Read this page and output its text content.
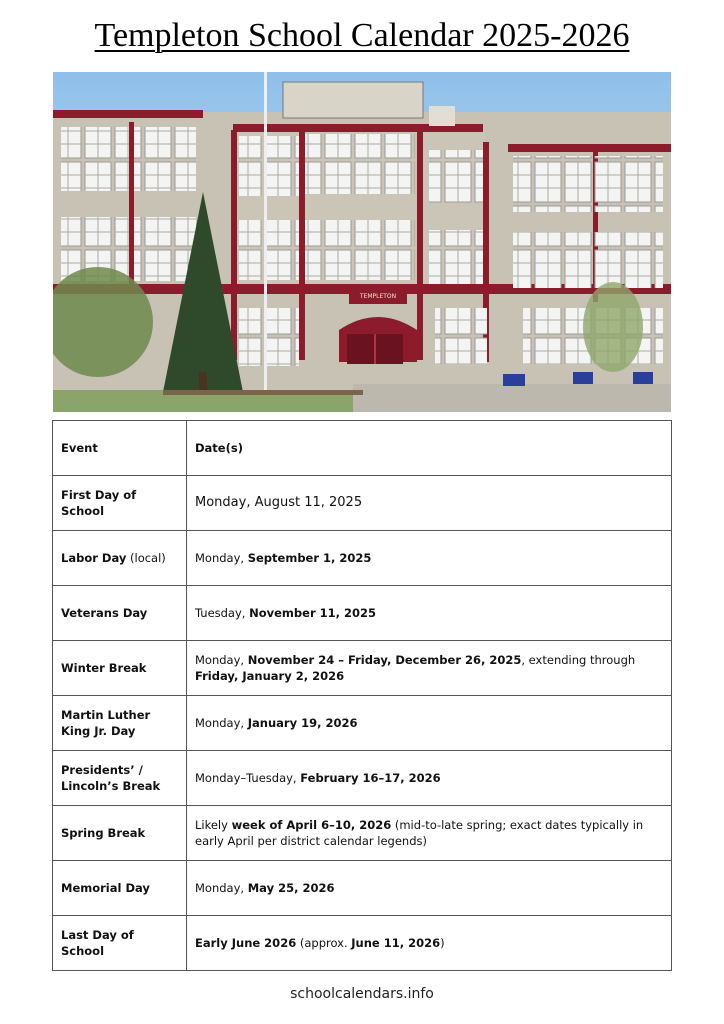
Templeton School Calendar 2025-2026
TEMPLETON
Event	Date(s)
First Day of School	Monday, August 11, 2025
Labor Day (local)	Monday, September 1, 2025
Veterans Day	Tuesday, November 11, 2025
Winter Break	Monday, November 24 – Friday, December 26, 2025, extending through Friday, January 2, 2026
Martin Luther King Jr. Day	Monday, January 19, 2026
Presidents’ / Lincoln’s Break	Monday–Tuesday, February 16–17, 2026
Spring Break	Likely week of April 6–10, 2026 (mid-to-late spring; exact dates typically in early April per district calendar legends)
Memorial Day	Monday, May 25, 2026
Last Day of School	Early June 2026 (approx. June 11, 2026)
schoolcalendars.info
